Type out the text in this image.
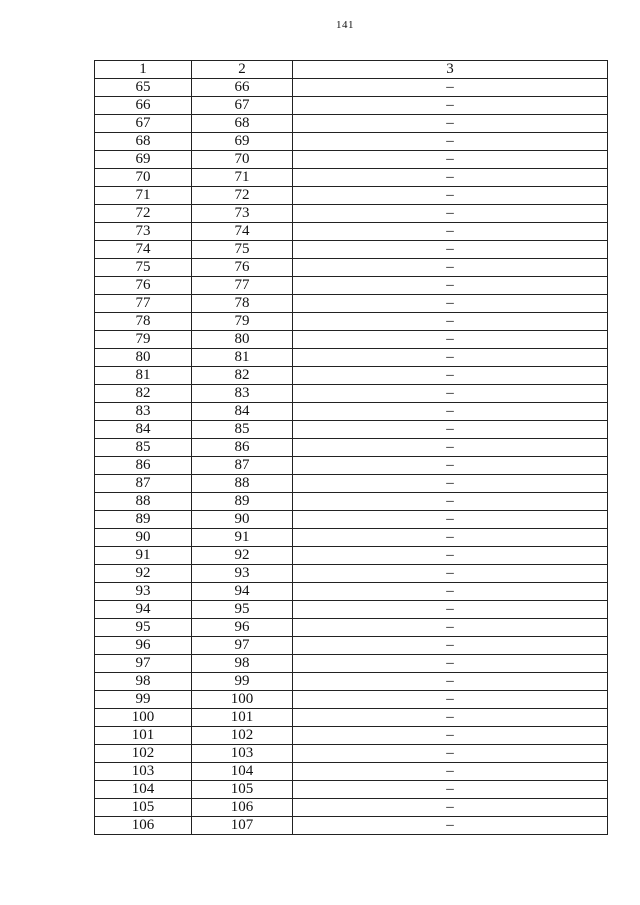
141
1	2	3
65	66	–
66	67	–
67	68	–
68	69	–
69	70	–
70	71	–
71	72	–
72	73	–
73	74	–
74	75	–
75	76	–
76	77	–
77	78	–
78	79	–
79	80	–
80	81	–
81	82	–
82	83	–
83	84	–
84	85	–
85	86	–
86	87	–
87	88	–
88	89	–
89	90	–
90	91	–
91	92	–
92	93	–
93	94	–
94	95	–
95	96	–
96	97	–
97	98	–
98	99	–
99	100	–
100	101	–
101	102	–
102	103	–
103	104	–
104	105	–
105	106	–
106	107	–
